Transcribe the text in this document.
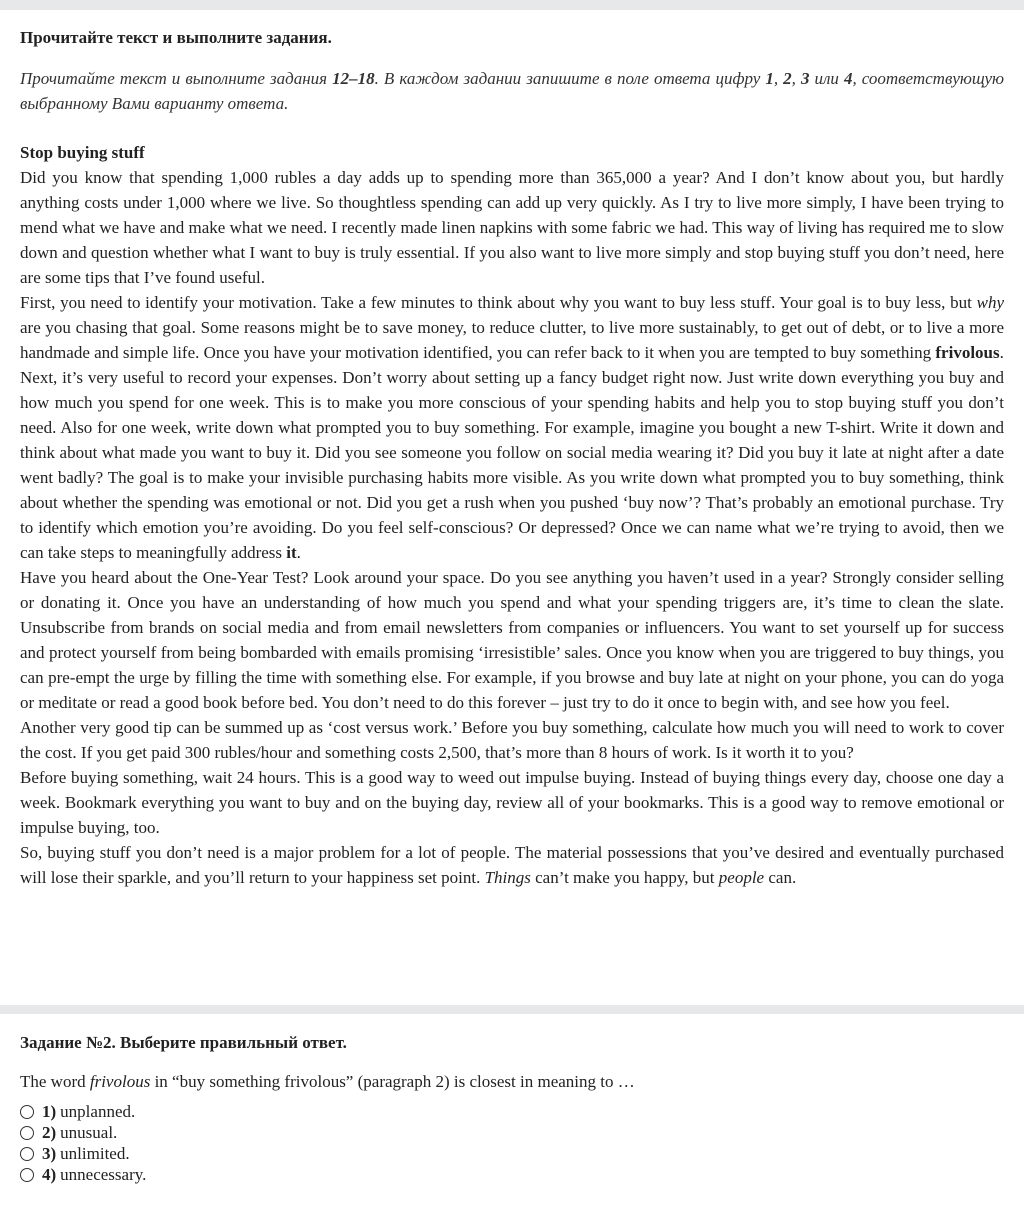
Прочитайте текст и выполните задания.

Прочитайте текст и выполните задания 12–18. В каждом задании запишите в поле ответа цифру 1, 2, 3 или 4, соответствующую выбранному Вами варианту ответа.

Stop buying stuff

Did you know that spending 1,000 rubles a day adds up to spending more than 365,000 a year? And I don’t know about you, but hardly anything costs under 1,000 where we live. So thoughtless spending can add up very quickly. As I try to live more simply, I have been trying to mend what we have and make what we need. I recently made linen napkins with some fabric we had. This way of living has required me to slow down and question whether what I want to buy is truly essential. If you also want to live more simply and stop buying stuff you don’t need, here are some tips that I’ve found useful.

First, you need to identify your motivation. Take a few minutes to think about why you want to buy less stuff. Your goal is to buy less, but why are you chasing that goal. Some reasons might be to save money, to reduce clutter, to live more sustainably, to get out of debt, or to live a more handmade and simple life. Once you have your motivation identified, you can refer back to it when you are tempted to buy something frivolous.

Next, it’s very useful to record your expenses. Don’t worry about setting up a fancy budget right now. Just write down everything you buy and how much you spend for one week. This is to make you more conscious of your spending habits and help you to stop buying stuff you don’t need. Also for one week, write down what prompted you to buy something. For example, imagine you bought a new T-shirt. Write it down and think about what made you want to buy it. Did you see someone you follow on social media wearing it? Did you buy it late at night after a date went badly? The goal is to make your invisible purchasing habits more visible. As you write down what prompted you to buy something, think about whether the spending was emotional or not. Did you get a rush when you pushed ‘buy now’? That’s probably an emotional purchase. Try to identify which emotion you’re avoiding. Do you feel self-conscious? Or depressed? Once we can name what we’re trying to avoid, then we can take steps to meaningfully address it.

Have you heard about the One-Year Test? Look around your space. Do you see anything you haven’t used in a year? Strongly consider selling or donating it. Once you have an understanding of how much you spend and what your spending triggers are, it’s time to clean the slate. Unsubscribe from brands on social media and from email newsletters from companies or influencers. You want to set yourself up for success and protect yourself from being bombarded with emails promising ‘irresistible’ sales. Once you know when you are triggered to buy things, you can pre-empt the urge by filling the time with something else. For example, if you browse and buy late at night on your phone, you can do yoga or meditate or read a good book before bed. You don’t need to do this forever – just try to do it once to begin with, and see how you feel.

Another very good tip can be summed up as ‘cost versus work.’ Before you buy something, calculate how much you will need to work to cover the cost. If you get paid 300 rubles/hour and something costs 2,500, that’s more than 8 hours of work. Is it worth it to you?

Before buying something, wait 24 hours. This is a good way to weed out impulse buying. Instead of buying things every day, choose one day a week. Bookmark everything you want to buy and on the buying day, review all of your bookmarks. This is a good way to remove emotional or impulse buying, too.

So, buying stuff you don’t need is a major problem for a lot of people. The material possessions that you’ve desired and eventually purchased will lose their sparkle, and you’ll return to your happiness set point. Things can’t make you happy, but people can.

Задание №2. Выберите правильный ответ.

The word frivolous in “buy something frivolous” (paragraph 2) is closest in meaning to …

1) unplanned.
2) unusual.
3) unlimited.
4) unnecessary.
